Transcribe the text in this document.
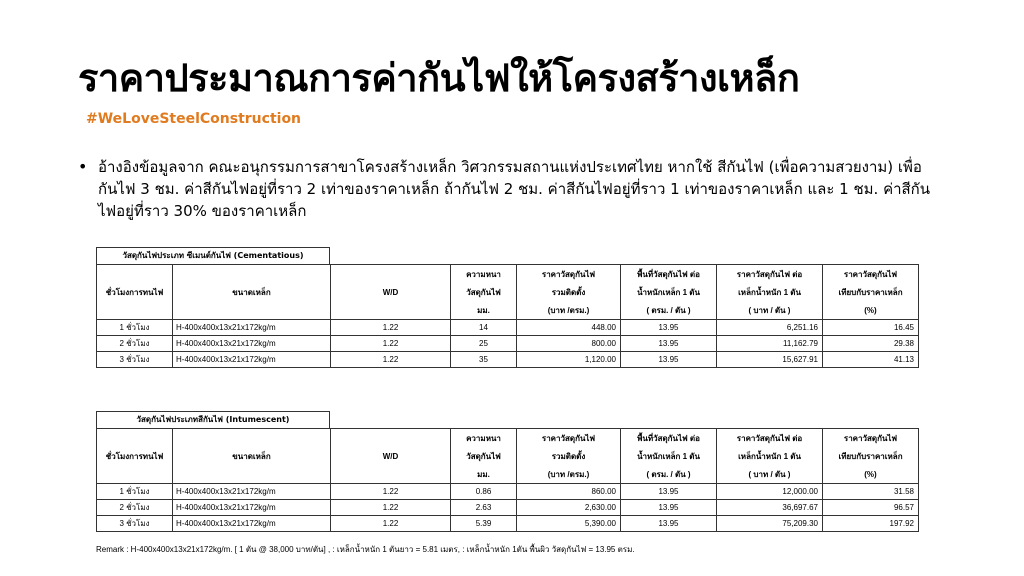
ราคาประมาณการค่ากันไฟให้โครงสร้างเหล็ก
#WeLoveSteelConstruction
• อ้างอิงข้อมูลจาก คณะอนุกรรมการสาขาโครงสร้างเหล็ก วิศวกรรมสถานแห่งประเทศไทย หากใช้ สีกันไฟ (เพื่อความสวยงาม) เพื่อกันไฟ 3 ชม. ค่าสีกันไฟอยู่ที่ราว 2 เท่าของราคาเหล็ก ถ้ากันไฟ 2 ชม. ค่าสีกันไฟอยู่ที่ราว 1 เท่าของราคาเหล็ก และ 1 ชม. ค่าสีกันไฟอยู่ที่ราว 30% ของราคาเหล็ก
วัสดุกันไฟประเภท ซีเมนต์กันไฟ (Cementatious)
ชั่วโมงการทนไฟ	ขนาดเหล็ก	W/D	ความหนา	ราคาวัสดุกันไฟ	พื้นที่วัสดุกันไฟ ต่อ	ราคาวัสดุกันไฟ ต่อ	ราคาวัสดุกันไฟ
			วัสดุกันไฟ	รวมติดตั้ง	น้ำหนักเหล็ก 1 ตัน	เหล็กน้ำหนัก 1 ตัน	เทียบกับราคาเหล็ก
			มม.	(บาท /ตรม.)	( ตรม. / ตัน )	( บาท / ตัน )	(%)
1 ชั่วโมง	H-400x400x13x21x172kg/m	1.22	14	448.00	13.95	6,251.16	16.45
2 ชั่วโมง	H-400x400x13x21x172kg/m	1.22	25	800.00	13.95	11,162.79	29.38
3 ชั่วโมง	H-400x400x13x21x172kg/m	1.22	35	1,120.00	13.95	15,627.91	41.13
วัสดุกันไฟประเภทสีกันไฟ (Intumescent)
ชั่วโมงการทนไฟ	ขนาดเหล็ก	W/D	ความหนา	ราคาวัสดุกันไฟ	พื้นที่วัสดุกันไฟ ต่อ	ราคาวัสดุกันไฟ ต่อ	ราคาวัสดุกันไฟ
			วัสดุกันไฟ	รวมติดตั้ง	น้ำหนักเหล็ก 1 ตัน	เหล็กน้ำหนัก 1 ตัน	เทียบกับราคาเหล็ก
			มม.	(บาท /ตรม.)	( ตรม. / ตัน )	( บาท / ตัน )	(%)
1 ชั่วโมง	H-400x400x13x21x172kg/m	1.22	0.86	860.00	13.95	12,000.00	31.58
2 ชั่วโมง	H-400x400x13x21x172kg/m	1.22	2.63	2,630.00	13.95	36,697.67	96.57
3 ชั่วโมง	H-400x400x13x21x172kg/m	1.22	5.39	5,390.00	13.95	75,209.30	197.92
Remark : H-400x400x13x21x172kg/m. [ 1 ตัน @ 38,000 บาท/ตัน] , : เหล็กน้ำหนัก 1 ตันยาว = 5.81 เมตร, : เหล็กน้ำหนัก 1ตัน พื้นผิว วัสดุกันไฟ = 13.95 ตรม.
